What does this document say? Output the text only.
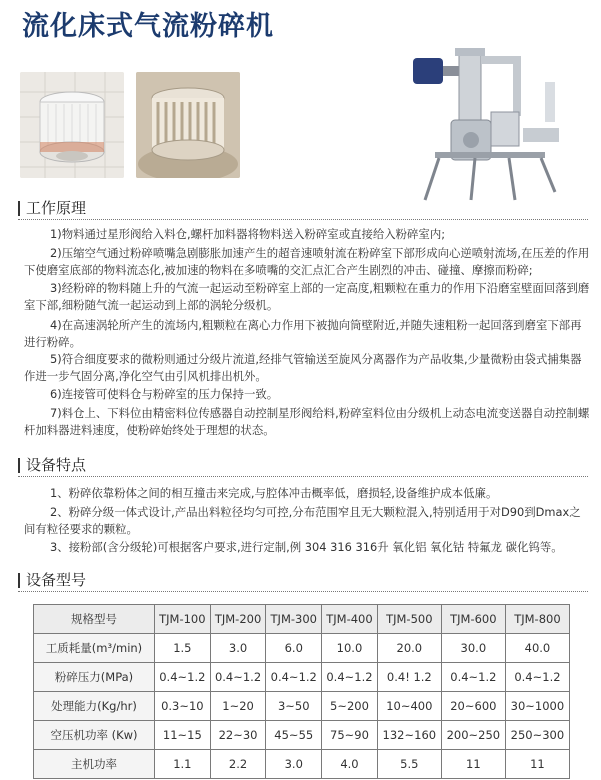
流化床式气流粉碎机
工作原理

1)物料通过星形阀给入料仓,螺杆加料器将物料送入粉碎室或直接给入粉碎室内;

2)压缩空气通过粉碎喷嘴急剧膨胀加速产生的超音速喷射流在粉碎室下部形成向心逆喷射流场,在压差的作用下使磨室底部的物料流态化,被加速的物料在多喷嘴的交汇点汇合产生剧烈的冲击、碰撞、摩擦而粉碎;

3)经粉碎的物料随上升的气流一起运动至粉碎室上部的一定高度,粗颗粒在重力的作用下沿磨室壁面回落到磨室下部,细粉随气流一起运动到上部的涡轮分级机。

4)在高速涡轮所产生的流场内,粗颗粒在离心力作用下被抛向筒壁附近,并随失速粗粉一起回落到磨室下部再进行粉碎。

5)符合细度要求的微粉则通过分级片流道,经排气管输送至旋风分离器作为产品收集,少量微粉由袋式捕集器作进一步气固分离,净化空气由引风机排出机外。

6)连接管可使料仓与粉碎室的压力保持一致。

7)料仓上、下料位由精密料位传感器自动控制星形阀给料,粉碎室料位由分级机上动态电流变送器自动控制螺杆加料器进料速度，使粉碎始终处于理想的状态。

设备特点

1、粉碎依靠粉体之间的相互撞击来完成,与腔体冲击概率低，磨损轻,设备维护成本低廉。

2、粉碎分级一体式设计,产品出料粒径均匀可控,分布范围窄且无大颗粒混入,特别适用于对D90到Dmax之间有粒径要求的颗粒。

3、接粉部(含分级轮)可根据客户要求,进行定制,例 304 316 316升 氧化铝 氧化钴 特氟龙 碳化钨等。

设备型号
规格型号	TJM-100	TJM-200	TJM-300	TJM-400	TJM-500	TJM-600	TJM-800
工质耗量(m³/min)	1.5	3.0	6.0	10.0	20.0	30.0	40.0
粉碎压力(MPa)	0.4~1.2	0.4~1.2	0.4~1.2	0.4~1.2	0.4! 1.2	0.4~1.2	0.4~1.2
处理能力(Kg/hr)	0.3~10	1~20	3~50	5~200	10~400	20~600	30~1000
空压机功率 (Kw)	11~15	22~30	45~55	75~90	132~160	200~250	250~300
主机功率	1.1	2.2	3.0	4.0	5.5	11	11
